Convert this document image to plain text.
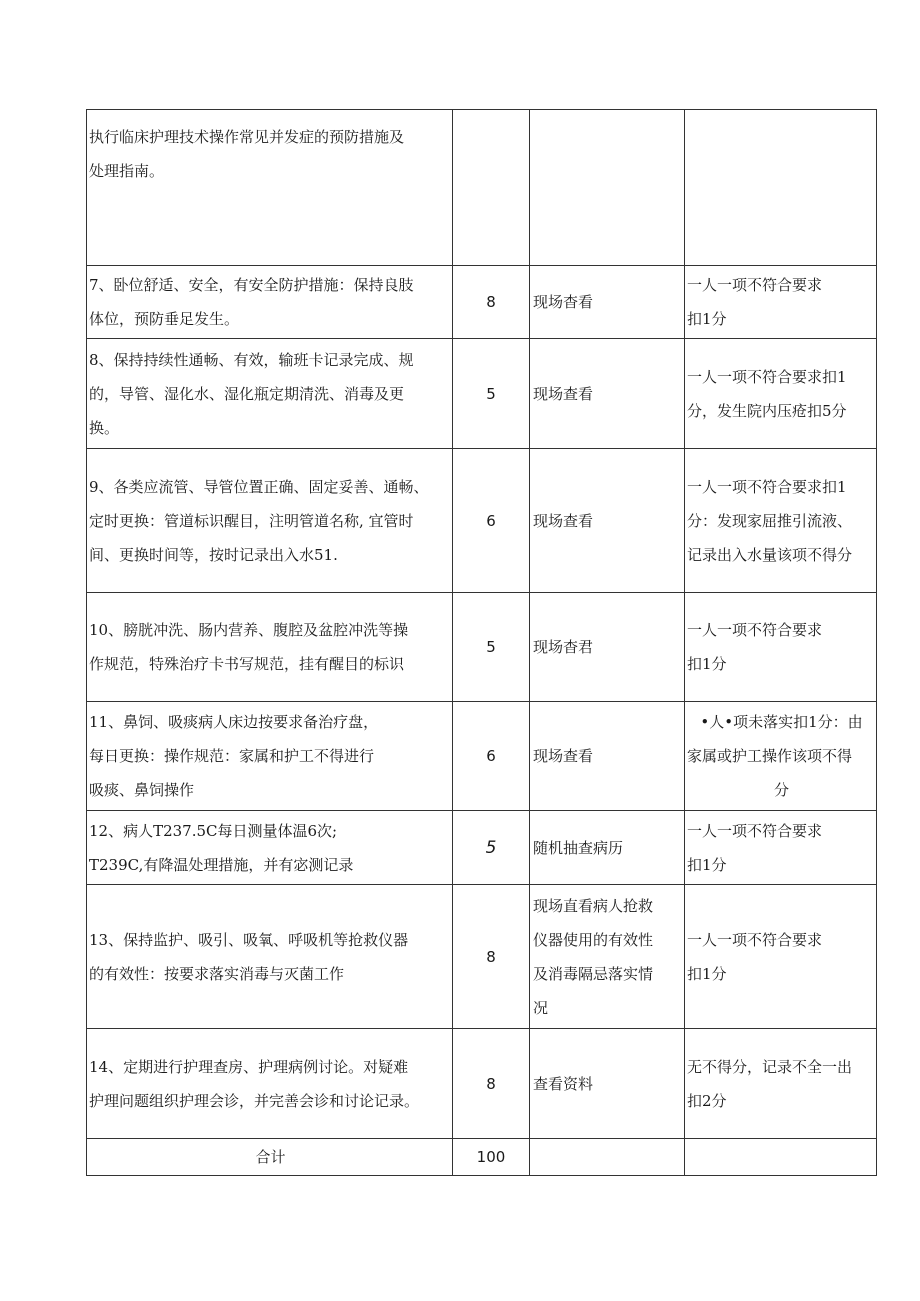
执行临床护理技术操作常见并发症的预防措施及
处理指南。			

7、卧位舒适、安全，有安全防护措施：保持良肢
体位，预防垂足发生。	8	现场杳看	一人一项不符合要求
扣1分

8、保持持续性通畅、有效，输班卡记录完成、规
的，导管、湿化水、湿化瓶定期清洗、消毒及更
换。	5	现场查看	一人一项不符合要求扣1
分，发生院内压疮扣5分

9、各类应流管、导管位置正确、固定妥善、通畅、
定时更换：管道标识醒目，注明管道名称, 宜管时
间、更换时间等，按时记录出入水51.	6	现场查看	一人一项不符合要求扣1
分：发现家屈推引流液、
记录出入水量该项不得分

10、膀胱冲洗、肠内营养、腹腔及盆腔冲洗等操
作规范，特殊治疗卡书写规范，挂有醒目的标识	5	现场杳君	一人一项不符合要求
扣1分

11、鼻饲、吸痰病人床边按要求备治疗盘，
每日更换：操作规范：家属和护工不得进行
吸痰、鼻饲操作	6	现场查看	•人•项未落实扣1分：由
家属或护工操作该项不得
分

12、病人T237.5C每日测量体温6次;
T239C,有降温处理措施，并有宓测记录	5	随机抽查病历	一人一项不符合要求
扣1分

13、保持监护、吸引、吸氧、呼吸机等抢救仪器
的有效性：按要求落实消毒与灭菌工作	8	现场直看病人抢救
仪器使用的有效性
及消毒隔忌落实情
况	一人一项不符合要求
扣1分

14、定期进行护理查房、护理病例讨论。对疑难
护理问题组织护理会诊，并完善会诊和讨论记录。	8	查看资料	无不得分，记录不全一出
扣2分

合计	100		
